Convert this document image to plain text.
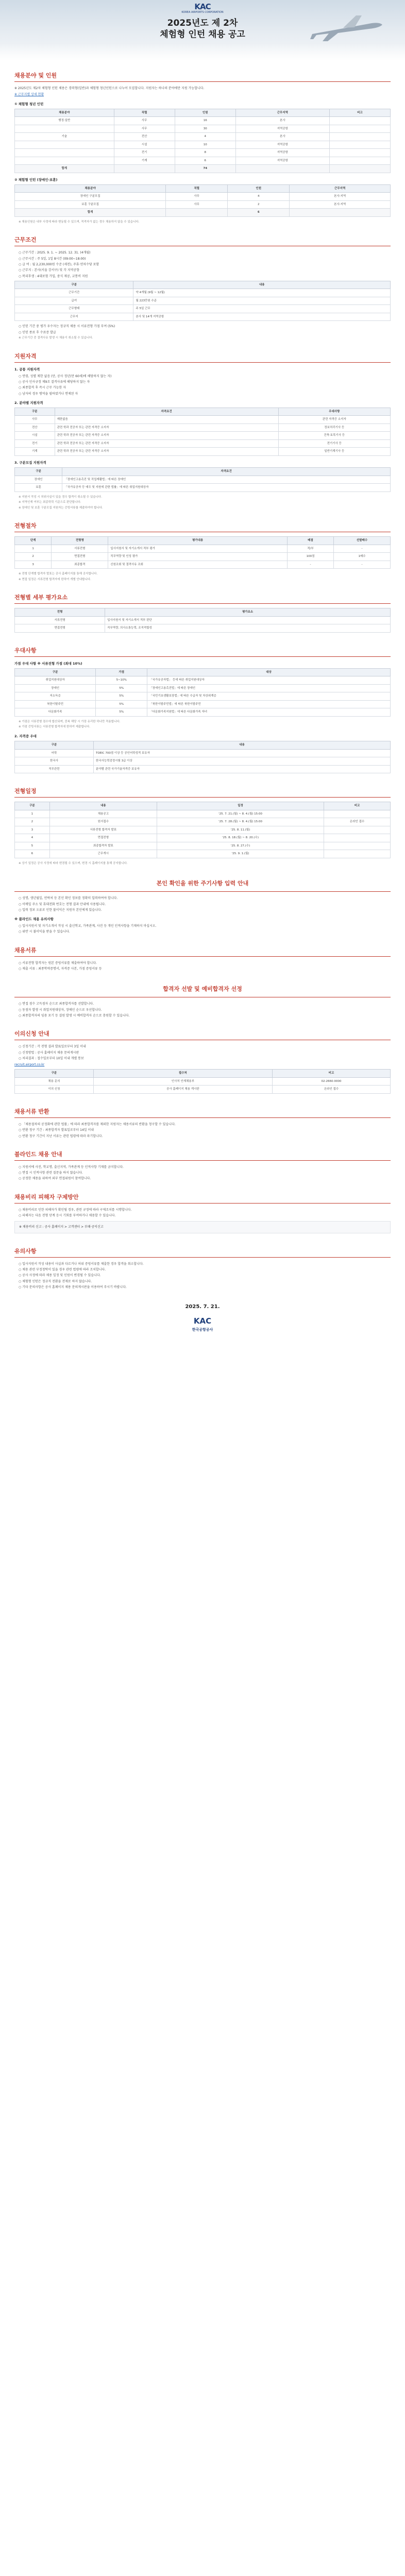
KAC
KOREA AIRPORTS CORPORATION
2025년도 제 2차
체험형 인턴 채용 공고
채용분야 및 인원
※ 2025년도 제2차 체험형 인턴 채용은 경력형(일반)과 체험형 청년인턴으로 나누어 모집합니다. 지원자는 하나의 분야에만 지원 가능합니다.
※ 근무지별 상세 현황
① 체험형 청년 인턴
채용분야	직렬	인원	근무지역	비고
행정·일반	사무	16	본사	
	사무	30	지역공항	
기술	전산	4	본사	
	시설	10	지역공항	
	전기	8	지역공항	
	기계	6	지역공항	
합계		74		
② 체험형 인턴 (장애인·보훈)
채용분야	직렬	인원	근무지역
장애인 구분모집	사무	4	본사·지역
보훈 구분모집	사무	2	본사·지역
합계		6	
※ 채용인원은 내부 사정에 따라 변동될 수 있으며, 적격자가 없는 경우 채용하지 않을 수 있습니다.
근무조건
○ 근무기간 : 2025. 9. 1. ~ 2025. 12. 31. (4개월)
○ 근무시간 : 주 5일, 1일 8시간 (09:00~18:00)
○ 급 여 : 월 2,230,000원 수준 (세전), 주휴·연차수당 포함
○ 근무지 : 본사(서울 강서구) 및 각 지역공항
○ 복리후생 : 4대보험 가입, 중식 제공, 교통비 지원
구분	내용
근무기간	약 4개월 (9월 ~ 12월)
급여	월 223만원 수준
근무형태	주 5일 근무
근무지	본사 및 14개 지역공항
○ 인턴 기간 중 평가 우수자는 정규직 채용 시 서류전형 가점 부여 (5%)
○ 인턴 종료 후 수료증 발급
※ 근무기간 중 결격사유 발생 시 채용이 취소될 수 있습니다.
지원자격
1. 공통 지원자격
○ 연령, 성별 제한 없음 (단, 공사 정년(만 60세)에 해당하지 않는 자)
○ 공사 인사규정 제9조 결격사유에 해당하지 않는 자
○ 최종합격 후 즉시 근무 가능한 자
○ 남자의 경우 병역을 필하였거나 면제된 자
2. 분야별 지원자격
구분	자격요건	우대사항
사무	제한없음	관련 자격증 소지자
전산	관련 학과 전공자 또는 관련 자격증 소지자	정보처리기사 등
시설	관련 학과 전공자 또는 관련 자격증 소지자	건축·토목기사 등
전기	관련 학과 전공자 또는 관련 자격증 소지자	전기기사 등
기계	관련 학과 전공자 또는 관련 자격증 소지자	일반기계기사 등
3. 구분모집 지원자격
구분	자격요건
장애인	「장애인고용촉진 및 직업재활법」에 따른 장애인
보훈	「국가유공자 등 예우 및 지원에 관한 법률」에 따른 취업지원대상자
※ 지원서 작성 시 허위사실이 있을 경우 합격이 취소될 수 있습니다.
※ 지역인재 여부는 최종학력 기준으로 판단합니다.
※ 장애인 및 보훈 구분모집 지원자는 증빙서류를 제출하여야 합니다.
전형절차
단계	전형명	평가내용	배점	선발배수
1	서류전형	입사지원서 및 자기소개서 적부 평가	적/부	-
2	면접전형	직무역량 및 인성 평가	100점	1배수
3	최종합격	신원조회 및 결격사유 조회	-	-
※ 전형 단계별 합격자 발표는 공사 홈페이지를 통해 공지합니다.
※ 면접 일정은 서류전형 합격자에 한하여 개별 안내합니다.
전형별 세부 평가요소
전형	평가요소
서류전형	입사지원서 및 자기소개서 적부 판단
면접전형	직무역량, 의사소통능력, 조직적합성
우대사항
가점 우대 사항 ※ 서류전형 가점 (최대 10%)
구분	가점	대상
취업지원대상자	5~10%	「국가유공자법」 등에 따른 취업지원대상자
장애인	5%	「장애인고용촉진법」에 따른 장애인
저소득층	5%	「국민기초생활보장법」에 따른 수급자 및 차상위계층
북한이탈주민	5%	「북한이탈주민법」에 따른 북한이탈주민
다문화가족	5%	「다문화가족지원법」에 따른 다문화가족 자녀
※ 가점은 서류전형 점수에 합산되며, 중복 해당 시 가장 유리한 하나만 적용합니다.
※ 가점 증빙서류는 서류전형 합격자에 한하여 제출합니다.
2. 자격증 우대
구분	내용
어학	TOEIC 700점 이상 등 공인어학성적 보유자
한국사	한국사능력검정시험 3급 이상
직무관련	분야별 관련 국가기술자격증 보유자
전형일정
구분	내용	일정	비고
1	채용공고	'25. 7. 21.(월) ~ 8. 4.(월) 15:00	
2	원서접수	'25. 7. 28.(월) ~ 8. 4.(월) 15:00	온라인 접수
3	서류전형 합격자 발표	'25. 8. 11.(월)	
4	면접전형	'25. 8. 18.(월) ~ 8. 20.(수)	
5	최종합격자 발표	'25. 8. 27.(수)	
6	근무개시	'25. 9. 1.(월)	
※ 상기 일정은 공사 사정에 따라 변경될 수 있으며, 변경 시 홈페이지를 통해 공지합니다.
본인 확인을 위한 주기사항 입력 안내
○ 성명, 생년월일, 연락처 등 본인 확인 정보를 정확히 입력하여야 합니다.
○ 이메일 주소 및 휴대전화 번호는 전형 결과 안내에 사용됩니다.
○ 입력 정보 오류로 인한 불이익은 지원자 본인에게 있습니다.
※ 블라인드 채용 유의사항
○ 입사지원서 및 자기소개서 작성 시 출신학교, 가족관계, 사진 등 개인 인적사항을 기재하지 마십시오.
○ 위반 시 불이익을 받을 수 있습니다.
채용서류
○ 서류전형 합격자는 원본 증빙서류를 제출하여야 합니다.
○ 제출 서류 : 최종학력증명서, 자격증 사본, 가점 증빙서류 등
합격자 선발 및 예비합격자 선정
○ 면접 점수 고득점자 순으로 최종합격자를 선발합니다.
○ 동점자 발생 시 취업지원대상자, 장애인 순으로 우선합니다.
○ 최종합격자의 임용 포기 등 결원 발생 시 예비합격자 순으로 충원할 수 있습니다.
이의신청 안내
○ 신청기간 : 각 전형 결과 발표일로부터 3일 이내
○ 신청방법 : 공사 홈페이지 채용 문의게시판
○ 처리결과 : 접수일로부터 10일 이내 개별 통보
recruit.airport.co.kr
구분	접수처	비고
채용 문의	인사처 인재채용부	02-2660-0000
이의 신청	공사 홈페이지 채용 게시판	온라인 접수
채용서류 반환
○ 「채용절차의 공정화에 관한 법률」에 따라 최종합격자를 제외한 지원자는 채용서류의 반환을 청구할 수 있습니다.
○ 반환 청구 기간 : 최종합격자 발표일로부터 14일 이내
○ 반환 청구 기간이 지난 서류는 관련 법령에 따라 파기합니다.
블라인드 채용 안내
○ 지원서에 사진, 학교명, 출신지역, 가족관계 등 인적사항 기재를 금지합니다.
○ 면접 시 인적사항 관련 질문을 하지 않습니다.
○ 공정한 채용을 위하여 외부 면접위원이 참여합니다.
채용비리 피해자 구제방안
○ 채용비리로 인한 피해자가 확인될 경우, 관련 규정에 따라 구제조치를 시행합니다.
○ 피해자는 다음 전형 단계 응시 기회를 부여하거나 채용할 수 있습니다.
※ 채용비리 신고 : 공사 홈페이지 > 고객센터 > 부패·공익신고
유의사항
○ 입사지원서 작성 내용이 사실과 다르거나 허위 증빙서류를 제출한 경우 합격을 취소합니다.
○ 채용 관련 부정청탁이 있을 경우 관련 법령에 따라 조치합니다.
○ 공사 사정에 따라 채용 일정 및 인원이 변경될 수 있습니다.
○ 체험형 인턴은 정규직 전환을 전제로 하지 않습니다.
○ 기타 문의사항은 공사 홈페이지 채용 문의게시판을 이용하여 주시기 바랍니다.
2025. 7. 21.
KAC
한국공항공사
